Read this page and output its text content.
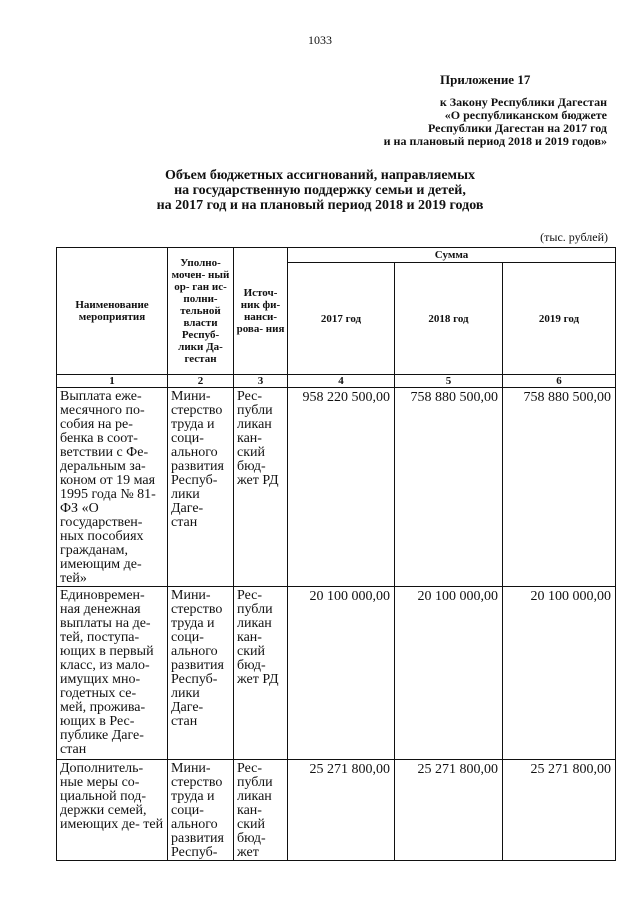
1033
Приложение 17
к Закону Республики Дагестан
«О республиканском бюджете
Республики Дагестан на 2017 год
и на плановый период 2018 и 2019 годов»
Объем бюджетных ассигнований, направляемых
на государственную поддержку семьи и детей,
на 2017 год и на плановый период 2018 и 2019 годов
(тыс. рублей)
Наименование мероприятия	Уполно- мочен- ный ор- ган ис- полни- тельной власти Респуб- лики Да- гестан	Источ- ник фи- нанси- рова- ния	Сумма		
			2017 год	2018 год	2019 год
1	2	3	4	5	6
Выплата еже- месячного по- собия на ре- бенка в соот- ветствии с Фе- деральным за- коном от 19 мая 1995 года № 81-ФЗ «О государствен- ных пособиях гражданам, имеющим де- тей»	Мини- стерство труда и соци- ального развития Респуб- лики Даге- стан	Рес- публи ликан кан- ский бюд- жет РД	958 220 500,00	758 880 500,00	758 880 500,00
Единовремен- ная денежная выплаты на де- тей, поступа- ющих в первый класс, из мало- имущих мно- годетных се- мей, прожива- ющих в Рес- публике Даге- стан	Мини- стерство труда и соци- ального развития Респуб- лики Даге- стан	Рес- публи ликан кан- ский бюд- жет РД	20 100 000,00	20 100 000,00	20 100 000,00
Дополнитель- ные меры со- циальной под- держки семей, имеющих де- тей	Мини- стерство труда и соци- ального развития Респуб-	Рес- публи ликан кан- ский бюд- жет	25 271 800,00	25 271 800,00	25 271 800,00
